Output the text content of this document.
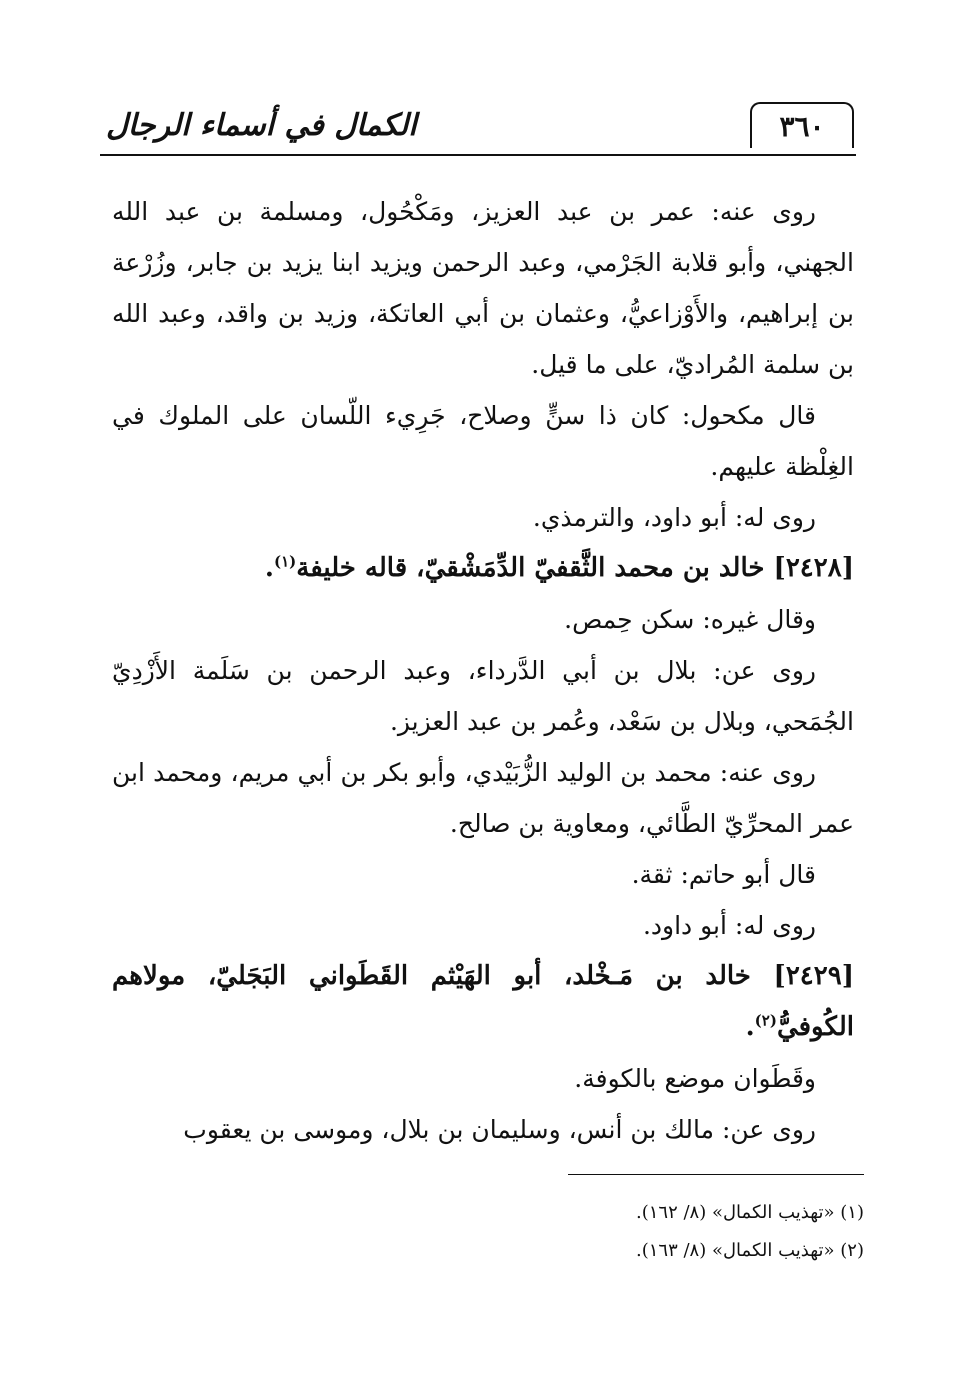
٣٦٠
الكمال في أسماء الرجال

روى عنه: عمر بن عبد العزيز، ومَكْحُول، ومسلمة بن عبد الله الجهني، وأبو قلابة الجَرْمي، وعبد الرحمن ويزيد ابنا يزيد بن جابر، وزُرْعة بن إبراهيم، والأَوْزاعيُّ، وعثمان بن أبي العاتكة، وزيد بن واقد، وعبد الله بن سلمة المُراديّ، على ما قيل.

قال مكحول: كان ذا سنٍّ وصلاح، جَرِيء اللّسان على الملوك في الغِلْظة عليهم.

روى له: أبو داود، والترمذي.

[٢٤٢٨] خالد بن محمد الثَّقفيّ الدِّمَشْقيّ، قاله خليفة$^{(١)}$.

وقال غيره: سكن حِمص.

روى عن: بلال بن أبي الدَّرداء، وعبد الرحمن بن سَلَمة الأَزْدِيّ الجُمَحي، وبلال بن سَعْد، وعُمر بن عبد العزيز.

روى عنه: محمد بن الوليد الزُّبَيْدي، وأبو بكر بن أبي مريم، ومحمد ابن عمر المحرِّيّ الطَّائي، ومعاوية بن صالح.

قال أبو حاتم: ثقة.

روى له: أبو داود.

[٢٤٢٩] خالد بن مَـخْلد، أبو الهَيْثم القَطَواني البَجَليّ، مولاهم الكُوفيُّ$^{(٢)}$.

وقَطَوان موضع بالكوفة.

روى عن: مالك بن أنس، وسليمان بن بلال، وموسى بن يعقوب

(١) «تهذيب الكمال» (٨/ ١٦٢).

(٢) «تهذيب الكمال» (٨/ ١٦٣).
